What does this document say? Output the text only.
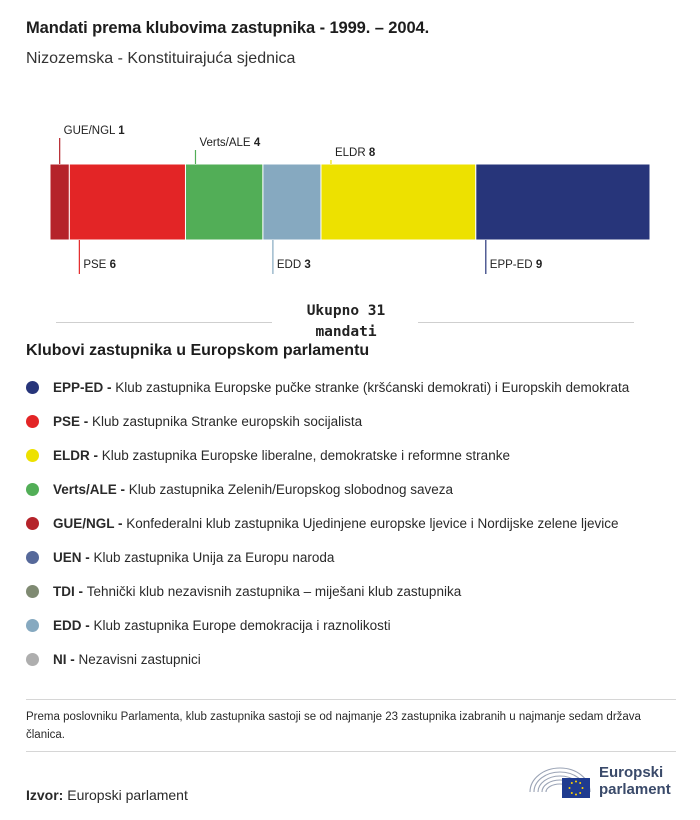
Mandati prema klubovima zastupnika - 1999. – 2004.
Nizozemska - Konstituirajuća sjednica
GUE/NGL 1
PSE 6
Verts/ALE 4
EDD 3
ELDR 8
EPP-ED 9
Ukupno 31 mandati
Klubovi zastupnika u Europskom parlamentu
EPP-ED - Klub zastupnika Europske pučke stranke (kršćanski demokrati) i Europskih demokrata
PSE - Klub zastupnika Stranke europskih socijalista
ELDR - Klub zastupnika Europske liberalne, demokratske i reformne stranke
Verts/ALE - Klub zastupnika Zelenih/Europskog slobodnog saveza
GUE/NGL - Konfederalni klub zastupnika Ujedinjene europske ljevice i Nordijske zelene ljevice
UEN - Klub zastupnika Unija za Europu naroda
TDI - Tehnički klub nezavisnih zastupnika – miješani klub zastupnika
EDD - Klub zastupnika Europe demokracija i raznolikosti
NI - Nezavisni zastupnici
Prema poslovniku Parlamenta, klub zastupnika sastoji se od najmanje 23 zastupnika izabranih u najmanje sedam država članica.
Izvor: Europski parlament
Europski
parlament
